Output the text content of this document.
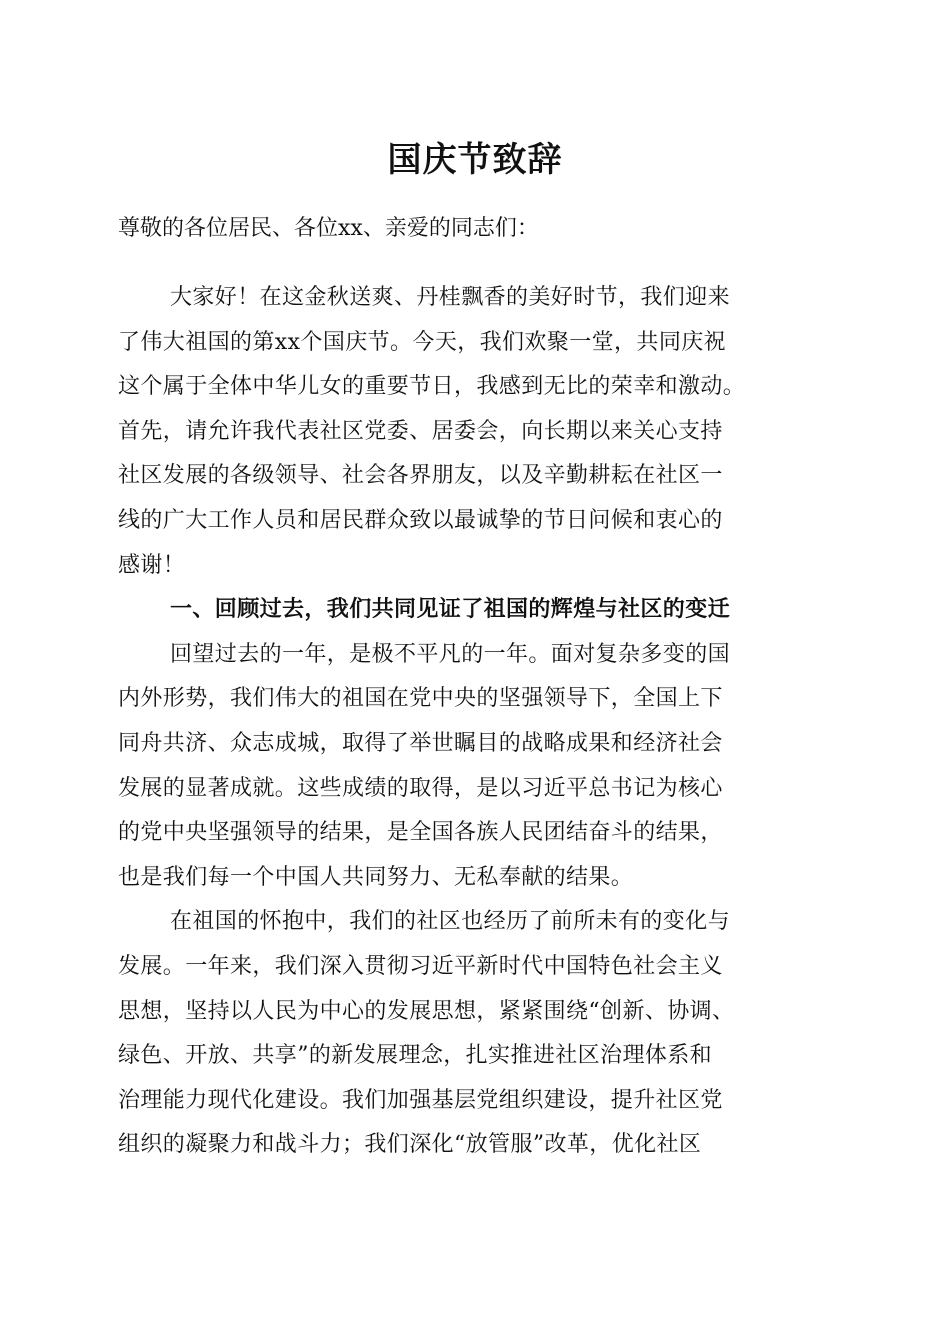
国庆节致辞
尊敬的各位居民、各位xx、亲爱的同志们：
大家好！在这金秋送爽、丹桂飘香的美好时节，我们迎来
了伟大祖国的第xx个国庆节。今天，我们欢聚一堂，共同庆祝
这个属于全体中华儿女的重要节日，我感到无比的荣幸和激动。
首先，请允许我代表社区党委、居委会，向长期以来关心支持
社区发展的各级领导、社会各界朋友，以及辛勤耕耘在社区一
线的广大工作人员和居民群众致以最诚挚的节日问候和衷心的
感谢！
一、回顾过去，我们共同见证了祖国的辉煌与社区的变迁
回望过去的一年，是极不平凡的一年。面对复杂多变的国
内外形势，我们伟大的祖国在党中央的坚强领导下，全国上下
同舟共济、众志成城，取得了举世瞩目的战略成果和经济社会
发展的显著成就。这些成绩的取得，是以习近平总书记为核心
的党中央坚强领导的结果，是全国各族人民团结奋斗的结果，
也是我们每一个中国人共同努力、无私奉献的结果。
在祖国的怀抱中，我们的社区也经历了前所未有的变化与
发展。一年来，我们深入贯彻习近平新时代中国特色社会主义
思想，坚持以人民为中心的发展思想，紧紧围绕“创新、协调、
绿色、开放、共享”的新发展理念，扎实推进社区治理体系和
治理能力现代化建设。我们加强基层党组织建设，提升社区党
组织的凝聚力和战斗力；我们深化“放管服”改革，优化社区
